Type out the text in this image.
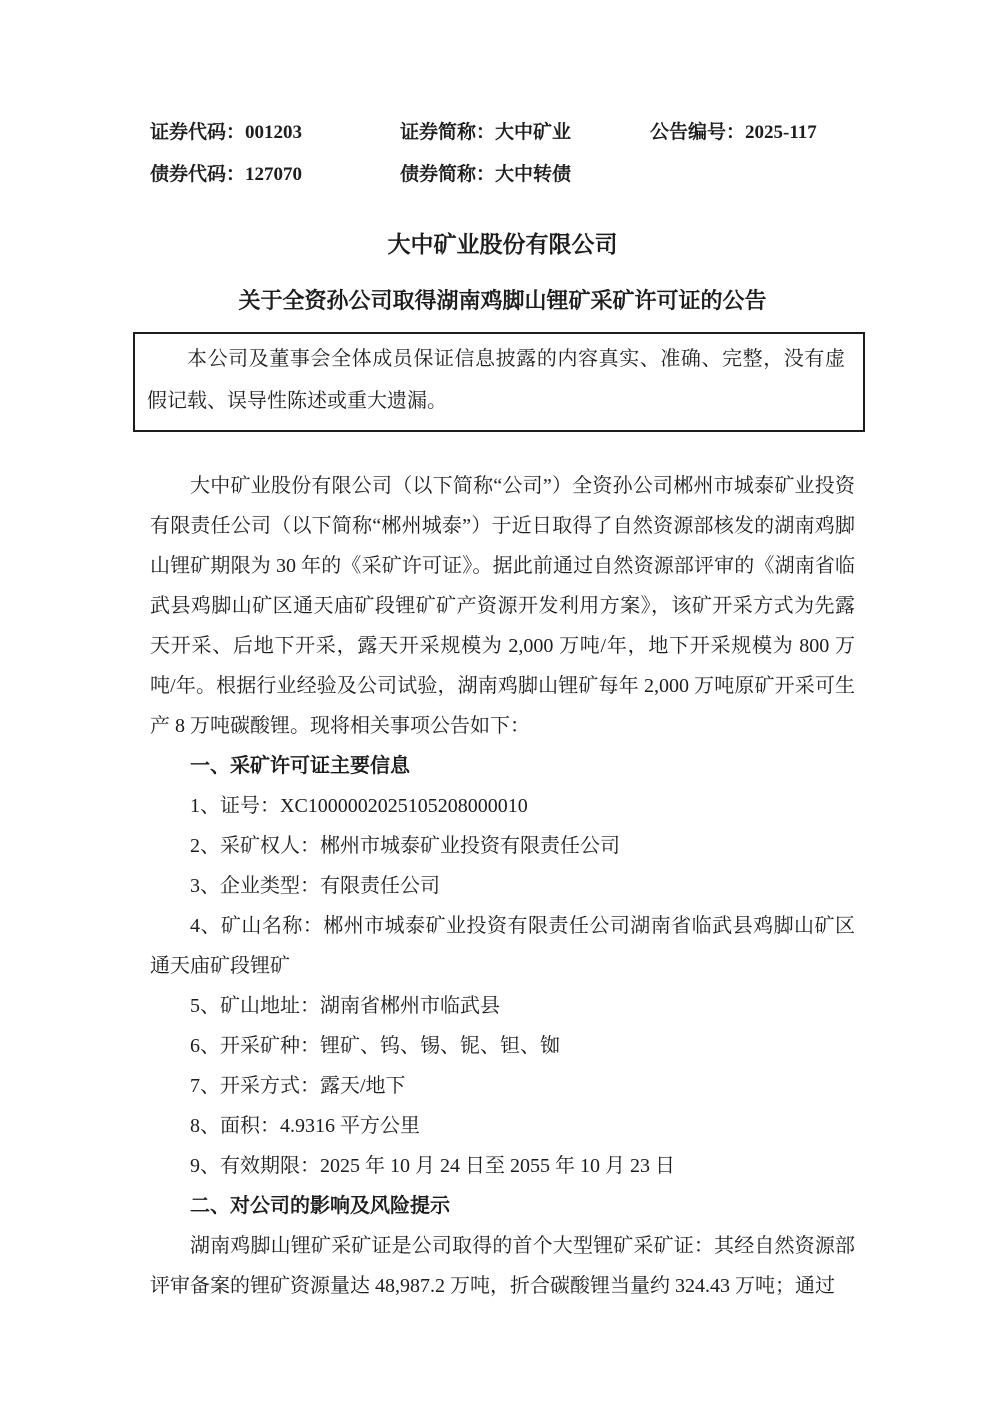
证券代码：001203	证券简称：大中矿业	公告编号：2025-117
债券代码：127070	债券简称：大中转债
大中矿业股份有限公司
关于全资孙公司取得湖南鸡脚山锂矿采矿许可证的公告

本公司及董事会全体成员保证信息披露的内容真实、准确、完整，没有虚假记载、误导性陈述或重大遗漏。

大中矿业股份有限公司（以下简称“公司”）全资孙公司郴州市城泰矿业投资有限责任公司（以下简称“郴州城泰”）于近日取得了自然资源部核发的湖南鸡脚山锂矿期限为 30 年的《采矿许可证》。据此前通过自然资源部评审的《湖南省临武县鸡脚山矿区通天庙矿段锂矿矿产资源开发利用方案》，该矿开采方式为先露天开采、后地下开采，露天开采规模为 2,000 万吨/年，地下开采规模为 800 万吨/年。根据行业经验及公司试验，湖南鸡脚山锂矿每年 2,000 万吨原矿开采可生产 8 万吨碳酸锂。现将相关事项公告如下：

一、采矿许可证主要信息

1、证号：XC1000002025105208000010

2、采矿权人：郴州市城泰矿业投资有限责任公司

3、企业类型：有限责任公司

4、矿山名称：郴州市城泰矿业投资有限责任公司湖南省临武县鸡脚山矿区通天庙矿段锂矿

5、矿山地址：湖南省郴州市临武县

6、开采矿种：锂矿、钨、锡、铌、钽、铷

7、开采方式：露天/地下

8、面积：4.9316 平方公里

9、有效期限：2025 年 10 月 24 日至 2055 年 10 月 23 日

二、对公司的影响及风险提示

湖南鸡脚山锂矿采矿证是公司取得的首个大型锂矿采矿证：其经自然资源部评审备案的锂矿资源量达 48,987.2 万吨，折合碳酸锂当量约 324.43 万吨；通过
